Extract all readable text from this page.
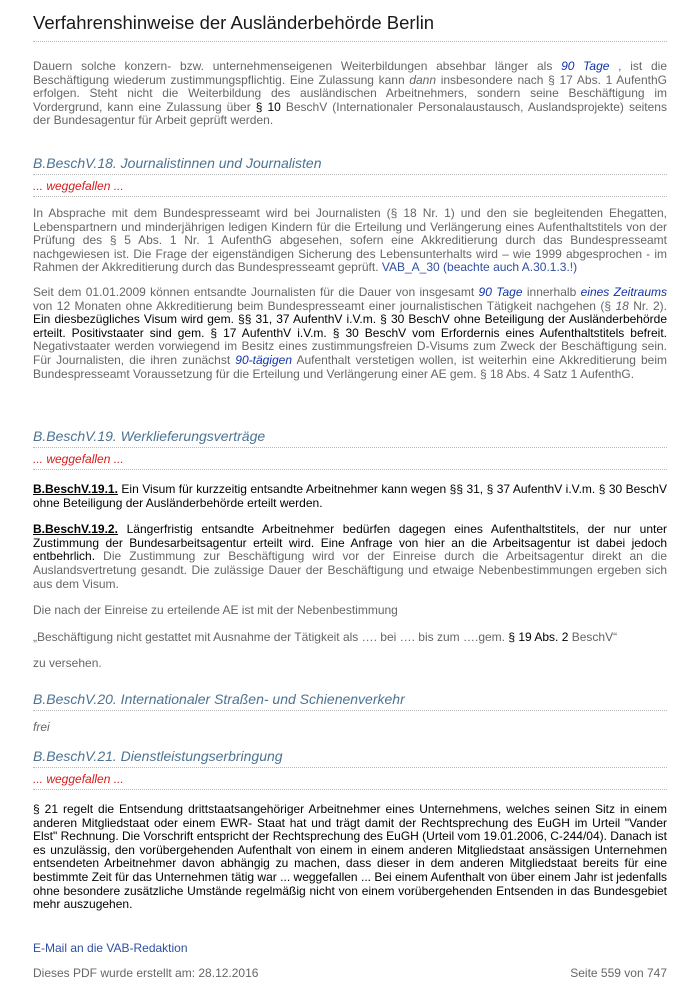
Verfahrenshinweise der Ausländerbehörde Berlin

Dauern solche konzern- bzw. unternehmenseigenen Weiterbildungen absehbar länger als 90 Tage , ist die Beschäftigung wiederum zustimmungspflichtig. Eine Zulassung kann dann insbesondere nach § 17 Abs. 1 AufenthG erfolgen. Steht nicht die Weiterbildung des ausländischen Arbeitnehmers, sondern seine Beschäftigung im Vordergrund, kann eine Zulassung über § 10 BeschV (Internationaler Personalaustausch, Auslandsprojekte) seitens der Bundesagentur für Arbeit geprüft werden.

B.BeschV.18. Journalistinnen und Journalisten
... weggefallen ...

In Absprache mit dem Bundespresseamt wird bei Journalisten (§ 18 Nr. 1) und den sie begleitenden Ehegatten, Lebenspartnern und minderjährigen ledigen Kindern für die Erteilung und Verlängerung eines Aufenthaltstitels von der Prüfung des § 5 Abs. 1 Nr. 1 AufenthG abgesehen, sofern eine Akkreditierung durch das Bundespresseamt nachgewiesen ist. Die Frage der eigenständigen Sicherung des Lebensunterhalts wird – wie 1999 abgesprochen - im Rahmen der Akkreditierung durch das Bundespresseamt geprüft. VAB_A_30 (beachte auch A.30.1.3.!)

Seit dem 01.01.2009 können entsandte Journalisten für die Dauer von insgesamt 90 Tage innerhalb eines Zeitraums von 12 Monaten ohne Akkreditierung beim Bundespresseamt einer journalistischen Tätigkeit nachgehen (§ 18 Nr. 2). Ein diesbezügliches Visum wird gem. §§ 31, 37 AufenthV i.V.m. § 30 BeschV ohne Beteiligung der Ausländerbehörde erteilt. Positivstaater sind gem. § 17 AufenthV i.V.m. § 30 BeschV vom Erfordernis eines Aufenthaltstitels befreit. Negativstaater werden vorwiegend im Besitz eines zustimmungsfreien D-Visums zum Zweck der Beschäftigung sein. Für Journalisten, die ihren zunächst 90-tägigen Aufenthalt verstetigen wollen, ist weiterhin eine Akkreditierung beim Bundespresseamt Voraussetzung für die Erteilung und Verlängerung einer AE gem. § 18 Abs. 4 Satz 1 AufenthG.

B.BeschV.19. Werklieferungsverträge
... weggefallen ...

B.BeschV.19.1. Ein Visum für kurzzeitig entsandte Arbeitnehmer kann wegen §§ 31, § 37 AufenthV i.V.m. § 30 BeschV ohne Beteiligung der Ausländerbehörde erteilt werden.

B.BeschV.19.2. Längerfristig entsandte Arbeitnehmer bedürfen dagegen eines Aufenthaltstitels, der nur unter Zustimmung der Bundesarbeitsagentur erteilt wird. Eine Anfrage von hier an die Arbeitsagentur ist dabei jedoch entbehrlich. Die Zustimmung zur Beschäftigung wird vor der Einreise durch die Arbeitsagentur direkt an die Auslandsvertretung gesandt. Die zulässige Dauer der Beschäftigung und etwaige Nebenbestimmungen ergeben sich aus dem Visum.

Die nach der Einreise zu erteilende AE ist mit der Nebenbestimmung

„Beschäftigung nicht gestattet mit Ausnahme der Tätigkeit als …. bei …. bis zum ….gem. § 19 Abs. 2 BeschV“

zu versehen.

B.BeschV.20. Internationaler Straßen- und Schienenverkehr
frei
B.BeschV.21. Dienstleistungserbringung
... weggefallen ...

§ 21 regelt die Entsendung drittstaatsangehöriger Arbeitnehmer eines Unternehmens, welches seinen Sitz in einem anderen Mitgliedstaat oder einem EWR- Staat hat und trägt damit der Rechtsprechung des EuGH im Urteil "Vander Elst" Rechnung. Die Vorschrift entspricht der Rechtsprechung des EuGH (Urteil vom 19.01.2006, C-244/04). Danach ist es unzulässig, den vorübergehenden Aufenthalt von einem in einem anderen Mitgliedstaat ansässigen Unternehmen entsendeten Arbeitnehmer davon abhängig zu machen, dass dieser in dem anderen Mitgliedstaat bereits für eine bestimmte Zeit für das Unternehmen tätig war ... weggefallen ... Bei einem Aufenthalt von über einem Jahr ist jedenfalls ohne besondere zusätzliche Umstände regelmäßig nicht von einem vorübergehenden Entsenden in das Bundesgebiet mehr auszugehen.

E-Mail an die VAB-Redaktion
Dieses PDF wurde erstellt am: 28.12.2016	Seite 559 von 747
